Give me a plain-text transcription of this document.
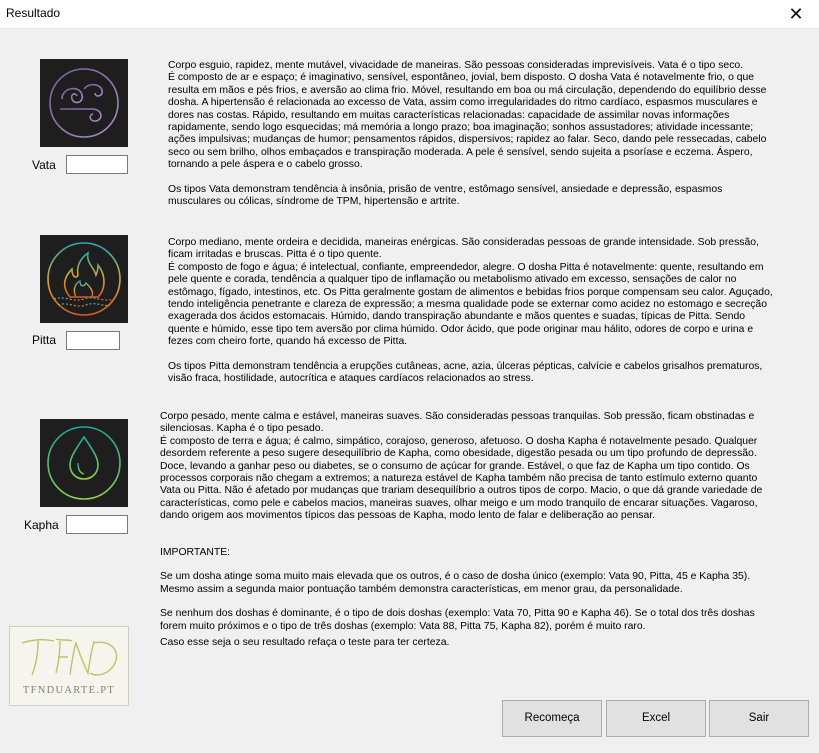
Resultado	✕
Vata

Corpo esguio, rapidez, mente mutável, vivacidade de maneiras. São pessoas consideradas imprevisíveis. Vata é o tipo seco.

É composto de ar e espaço; é imaginativo, sensível, espontâneo, jovial, bem disposto. O dosha Vata é notavelmente frio, o que resulta em mãos e pés frios, e aversão ao clima frio. Móvel, resultando em boa ou má circulação, dependendo do equilíbrio desse dosha. A hipertensão é relacionada ao excesso de Vata, assim como irregularidades do ritmo cardíaco, espasmos musculares e dores nas costas. Rápido, resultando em muitas características relacionadas: capacidade de assimilar novas informações rapidamente, sendo logo esquecidas; má memória a longo prazo; boa imaginação; sonhos assustadores; atividade incessante; ações impulsivas; mudanças de humor; pensamentos rápidos, dispersivos; rapidez ao falar. Seco, dando pele ressecadas, cabelo seco ou sem brilho, olhos embaçados e transpiração moderada. A pele é sensível, sendo sujeita a psoríase e eczema. Áspero, tornando a pele áspera e o cabelo grosso.

Os tipos Vata demonstram tendência à insônia, prisão de ventre, estômago sensível, ansiedade e depressão, espasmos musculares ou cólicas, síndrome de TPM, hipertensão e artrite.

Pitta

Corpo mediano, mente ordeira e decidida, maneiras enérgicas. São consideradas pessoas de grande intensidade. Sob pressão, ficam irritadas e bruscas. Pitta é o tipo quente.

É composto de fogo e água; é intelectual, confiante, empreendedor, alegre. O dosha Pitta é notavelmente: quente, resultando em pele quente e corada, tendência a qualquer tipo de inflamação ou metabolismo ativado em excesso, sensações de calor no estômago, fígado, intestinos, etc. Os Pitta geralmente gostam de alimentos e bebidas frios porque compensam seu calor. Aguçado, tendo inteligência penetrante e clareza de expressão; a mesma qualidade pode se externar como acidez no estomago e secreção exagerada dos ácidos estomacais. Húmido, dando transpiração abundante e mãos quentes e suadas, típicas de Pitta. Sendo quente e húmido, esse tipo tem aversão por clima húmido. Odor ácido, que pode originar mau hálito, odores de corpo e urina e fezes com cheiro forte, quando há excesso de Pitta.

Os tipos Pitta demonstram tendência a erupções cutâneas, acne, azia, úlceras pépticas, calvície e cabelos grisalhos prematuros, visão fraca, hostilidade, autocrítica e ataques cardíacos relacionados ao stress.

Kapha

Corpo pesado, mente calma e estável, maneiras suaves. São consideradas pessoas tranquilas. Sob pressão, ficam obstinadas e silenciosas. Kapha é o tipo pesado.

É composto de terra e água; é calmo, simpático, corajoso, generoso, afetuoso. O dosha Kapha é notavelmente pesado. Qualquer desordem referente a peso sugere desequilíbrio de Kapha, como obesidade, digestão pesada ou um tipo profundo de depressão. Doce, levando a ganhar peso ou diabetes, se o consumo de açúcar for grande. Estável, o que faz de Kapha um tipo contido. Os processos corporais não chegam a extremos; a natureza estável de Kapha também não precisa de tanto estímulo externo quanto Vata ou Pitta. Não é afetado por mudanças que trariam desequilíbrio a outros tipos de corpo. Macio, o que dá grande variedade de características, como pele e cabelos macios, maneiras suaves, olhar meigo e um modo tranquilo de encarar situações. Vagaroso, dando origem aos movimentos típicos das pessoas de Kapha, modo lento de falar e deliberação ao pensar.

IMPORTANTE:

Se um dosha atinge soma muito mais elevada que os outros, é o caso de dosha único (exemplo: Vata 90, Pitta, 45 e Kapha 35). Mesmo assim a segunda maior pontuação também demonstra características, em menor grau, da personalidade.

Se nenhum dos doshas é dominante, é o tipo de dois doshas (exemplo: Vata 70, Pitta 90 e Kapha 46). Se o total dos três doshas forem muito próximos e o tipo de três doshas (exemplo: Vata 88, Pitta 75, Kapha 82), porém é muito raro.

Caso esse seja o seu resultado refaça o teste para ter certeza.

TFNDUARTE.PT
Recomeça	Excel	Sair
